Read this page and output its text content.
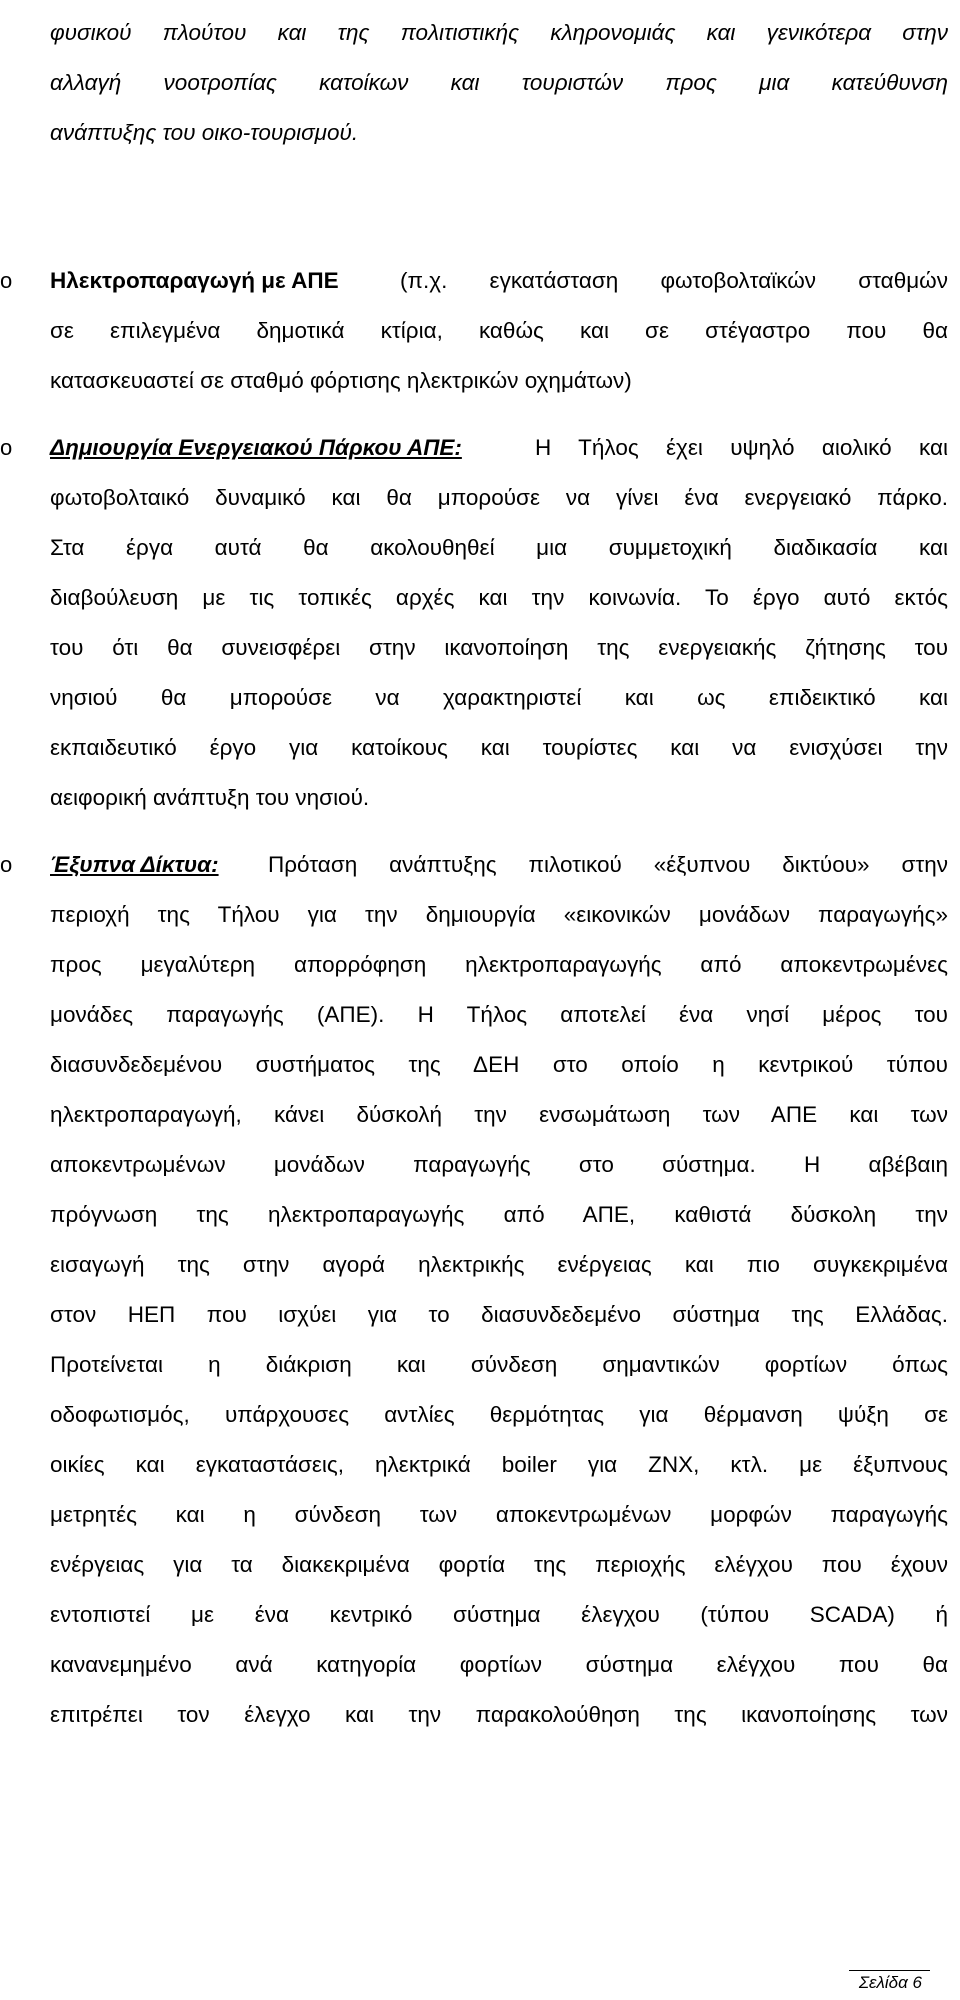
φυσικού πλούτου και της πολιτιστικής κληρονομιάς και γενικότερα στην
αλλαγή νοοτροπίας κατοίκων και τουριστών προς μια κατεύθυνση
ανάπτυξης του οικο-τουρισμού.
o Ηλεκτροπαραγωγή με ΑΠΕ	(π.χ. εγκατάσταση φωτοβολταϊκών σταθμών
σε επιλεγμένα δημοτικά κτίρια, καθώς και σε στέγαστρο που θα
κατασκευαστεί σε σταθμό φόρτισης ηλεκτρικών οχημάτων)
o Δημιουργία Ενεργειακού Πάρκου ΑΠΕ:	Η Τήλος έχει υψηλό αιολικό και
φωτοβολταικό δυναμικό και θα μπορούσε να γίνει ένα ενεργειακό πάρκο.
Στα έργα αυτά θα ακολουθηθεί μια συμμετοχική διαδικασία και
διαβούλευση με τις τοπικές αρχές και την κοινωνία. Το έργο αυτό εκτός
του ότι θα συνεισφέρει στην ικανοποίηση της ενεργειακής ζήτησης του
νησιού θα μπορούσε να χαρακτηριστεί και ως επιδεικτικό και
εκπαιδευτικό έργο για κατοίκους και τουρίστες και να ενισχύσει την
αειφορική ανάπτυξη του νησιού.
o Έξυπνα Δίκτυα: Πρόταση ανάπτυξης πιλοτικού «έξυπνου δικτύου» στην
περιοχή της Τήλου για την δημιουργία «εικονικών μονάδων παραγωγής»
προς μεγαλύτερη απορρόφηση ηλεκτροπαραγωγής από αποκεντρωμένες
μονάδες παραγωγής (ΑΠΕ). Η Τήλος αποτελεί ένα νησί μέρος του
διασυνδεδεμένου συστήματος της ΔΕΗ στο οποίο η κεντρικού τύπου
ηλεκτροπαραγωγή, κάνει δύσκολή την ενσωμάτωση των ΑΠΕ και των
αποκεντρωμένων μονάδων παραγωγής στο σύστημα. Η αβέβαιη
πρόγνωση της ηλεκτροπαραγωγής από ΑΠΕ, καθιστά δύσκολη την
εισαγωγή της στην αγορά ηλεκτρικής ενέργειας και πιο συγκεκριμένα
στον ΗΕΠ που ισχύει για το διασυνδεδεμένο σύστημα της Ελλάδας.
Προτείνεται η διάκριση και σύνδεση σημαντικών φορτίων όπως
οδοφωτισμός, υπάρχουσες αντλίες θερμότητας για θέρμανση ψύξη σε
οικίες και εγκαταστάσεις, ηλεκτρικά boiler για ΖΝΧ, κτλ. με έξυπνους
μετρητές και η σύνδεση των αποκεντρωμένων μορφών παραγωγής
ενέργειας για τα διακεκριμένα φορτία της περιοχής ελέγχου που έχουν
εντοπιστεί με ένα κεντρικό σύστημα έλεγχου (τύπου SCADA) ή
κανανεμημένο ανά κατηγορία φορτίων σύστημα ελέγχου που θα
επιτρέπει τον έλεγχο και την παρακολούθηση της ικανοποίησης των
Σελίδα 6
